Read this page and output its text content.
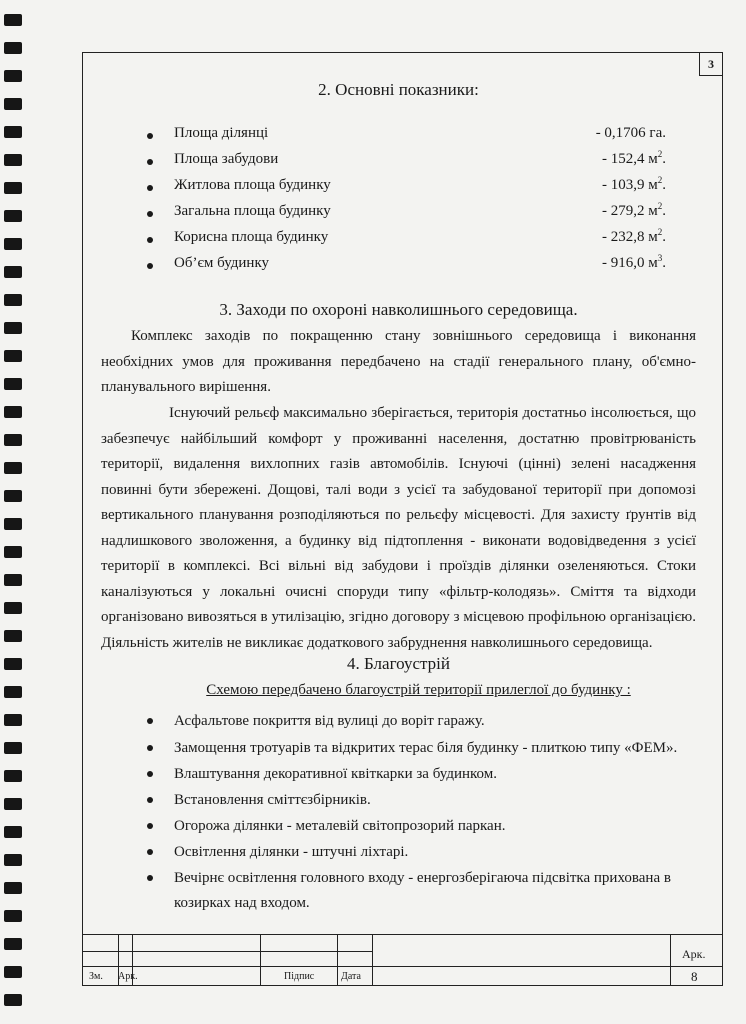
3
2. Основні показники:
Площа ділянці	- 0,1706 га.
Площа забудови	- 152,4 $м^2$.
Житлова площа будинку	- 103,9 $м^2$.
Загальна площа будинку	- 279,2 $м^2$.
Корисна площа будинку	- 232,8 $м^2$.
Об’єм будинку	- 916,0 $м^3$.
3. Заходи по охороні навколишнього середовища.
Комплекс заходів по покращенню стану зовнішнього середовища і виконання необхідних умов для проживання передбачено на стадії генерального плану, об'ємно-планувального вирішення.
Існуючий рельєф максимально зберігається, територія достатньо інсолюється, що забезпечує найбільший комфорт у проживанні населення, достатню провітрюваність території, видалення вихлопних газів автомобілів. Існуючі (цінні) зелені насадження повинні бути збережені. Дощові, талі води з усієї та забудованої території при допомозі вертикального планування розподіляються по рельєфу місцевості. Для захисту ґрунтів від надлишкового зволоження, а будинку від підтоплення - виконати водовідведення з усієї території в комплексі. Всі вільні від забудови і проїздів ділянки озеленяються. Стоки каналізуються у локальні очисні споруди типу «фільтр-колодязь». Сміття та відходи організовано вивозяться в утилізацію, згідно договору з місцевою профільною організацією. Діяльність жителів не викликає додаткового забруднення навколишнього середовища.
4. Благоустрій
Схемою передбачено благоустрій території прилеглої до будинку :
Асфальтове покриття від вулиці до воріт гаражу.
Замощення тротуарів та відкритих терас біля будинку - плиткою типу «ФЕМ».
Влаштування декоративної квіткарки за будинком.
Встановлення сміттєзбірників.
Огорожа ділянки - металевій світопрозорий паркан.
Освітлення ділянки - штучні ліхтарі.
Вечірнє освітлення головного входу - енергозберігаюча підсвітка прихована в козирках над входом.
Зм. Арк.	Підпис	Дата
Арк.
8
